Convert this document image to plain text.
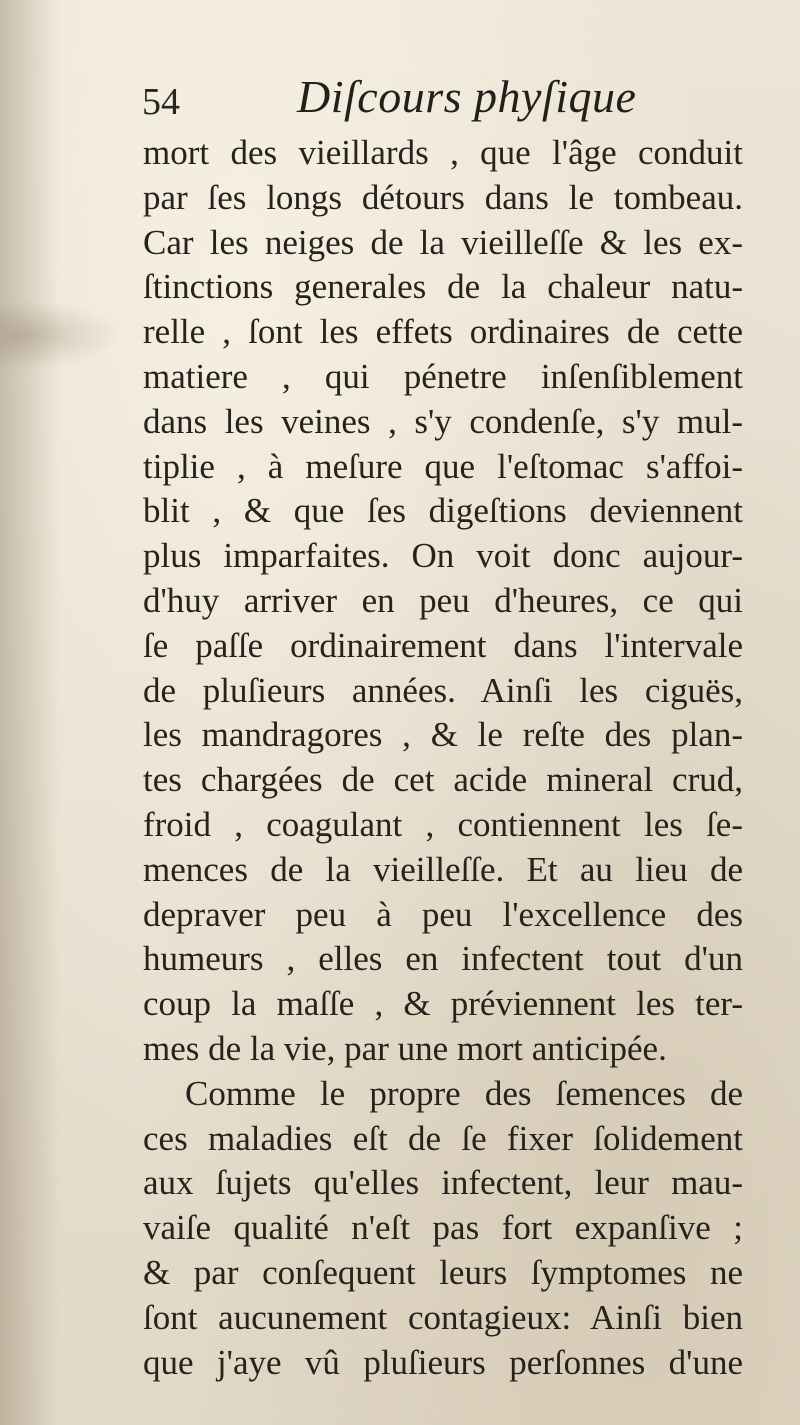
54	Diſcours phyſique
mort des vieillards , que l'âge conduit
par ſes longs détours dans le tombeau.
Car les neiges de la vieilleſſe & les ex-
ſtinctions generales de la chaleur natu-
relle , ſont les effets ordinaires de cette
matiere , qui pénetre inſenſiblement
dans les veines , s'y condenſe, s'y mul-
tiplie , à meſure que l'eſtomac s'affoi-
blit , & que ſes digeſtions deviennent
plus imparfaites. On voit donc aujour-
d'huy arriver en peu d'heures, ce qui
ſe paſſe ordinairement dans l'intervale
de pluſieurs années. Ainſi les ciguës,
les mandragores , & le reſte des plan-
tes chargées de cet acide mineral crud,
froid , coagulant , contiennent les ſe-
mences de la vieilleſſe. Et au lieu de
depraver peu à peu l'excellence des
humeurs , elles en infectent tout d'un
coup la maſſe , & préviennent les ter-
mes de la vie, par une mort anticipée.
Comme le propre des ſemences de
ces maladies eſt de ſe fixer ſolidement
aux ſujets qu'elles infectent, leur mau-
vaiſe qualité n'eſt pas fort expanſive ;
& par conſequent leurs ſymptomes ne
ſont aucunement contagieux: Ainſi bien
que j'aye vû pluſieurs perſonnes d'une
